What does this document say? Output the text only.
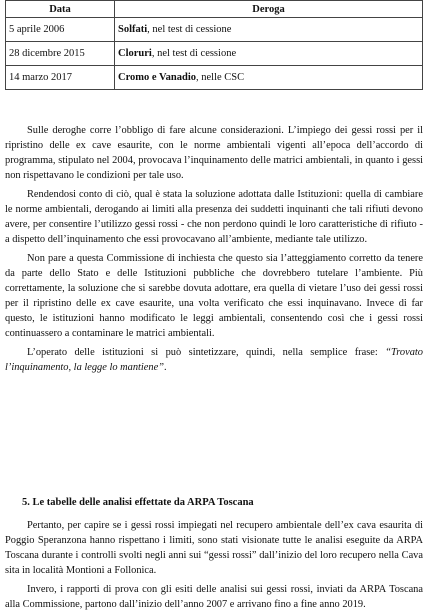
Data	Deroga
5 aprile 2006	Solfati, nel test di cessione
28 dicembre 2015	Cloruri, nel test di cessione
14 marzo 2017	Cromo e Vanadio, nelle CSC

Sulle deroghe corre l’obbligo di fare alcune considerazioni. L’impiego dei gessi rossi per il ripristino delle ex cave esaurite, con le norme ambientali vigenti all’epoca dell’accordo di programma, stipulato nel 2004, provocava l’inquinamento delle matrici ambientali, in quanto i gessi non rispettavano le condizioni per tale uso.

Rendendosi conto di ciò, qual è stata la soluzione adottata dalle Istituzioni: quella di cambiare le norme ambientali, derogando ai limiti alla presenza dei suddetti inquinanti che tali rifiuti devono avere, per consentire l’utilizzo gessi rossi - che non perdono quindi le loro caratteristiche di rifiuto - a dispetto dell’inquinamento che essi provocavano all’ambiente, mediante tale utilizzo.

Non pare a questa Commissione di inchiesta che questo sia l’atteggiamento corretto da tenere da parte dello Stato e delle Istituzioni pubbliche che dovrebbero tutelare l’ambiente. Più correttamente, la soluzione che si sarebbe dovuta adottare, era quella di vietare l’uso dei gessi rossi per il ripristino delle ex cave esaurite, una volta verificato che essi inquinavano. Invece di far questo, le istituzioni hanno modificato le leggi ambientali, consentendo così che i gessi rossi continuassero a contaminare le matrici ambientali.

L’operato delle istituzioni si può sintetizzare, quindi, nella semplice frase: “Trovato l’inquinamento, la legge lo mantiene”.

5. Le tabelle delle analisi effettate da ARPA Toscana

Pertanto, per capire se i gessi rossi impiegati nel recupero ambientale dell’ex cava esaurita di Poggio Speranzona hanno rispettano i limiti, sono stati visionate tutte le analisi eseguite da ARPA Toscana durante i controlli svolti negli anni sui “gessi rossi” dall’inizio del loro recupero nella Cava sita in località Montioni a Follonica.

Invero, i rapporti di prova con gli esiti delle analisi sui gessi rossi, inviati da ARPA Toscana alla Commissione, partono dall’inizio dell’anno 2007 e arrivano fino a fine anno 2019.
